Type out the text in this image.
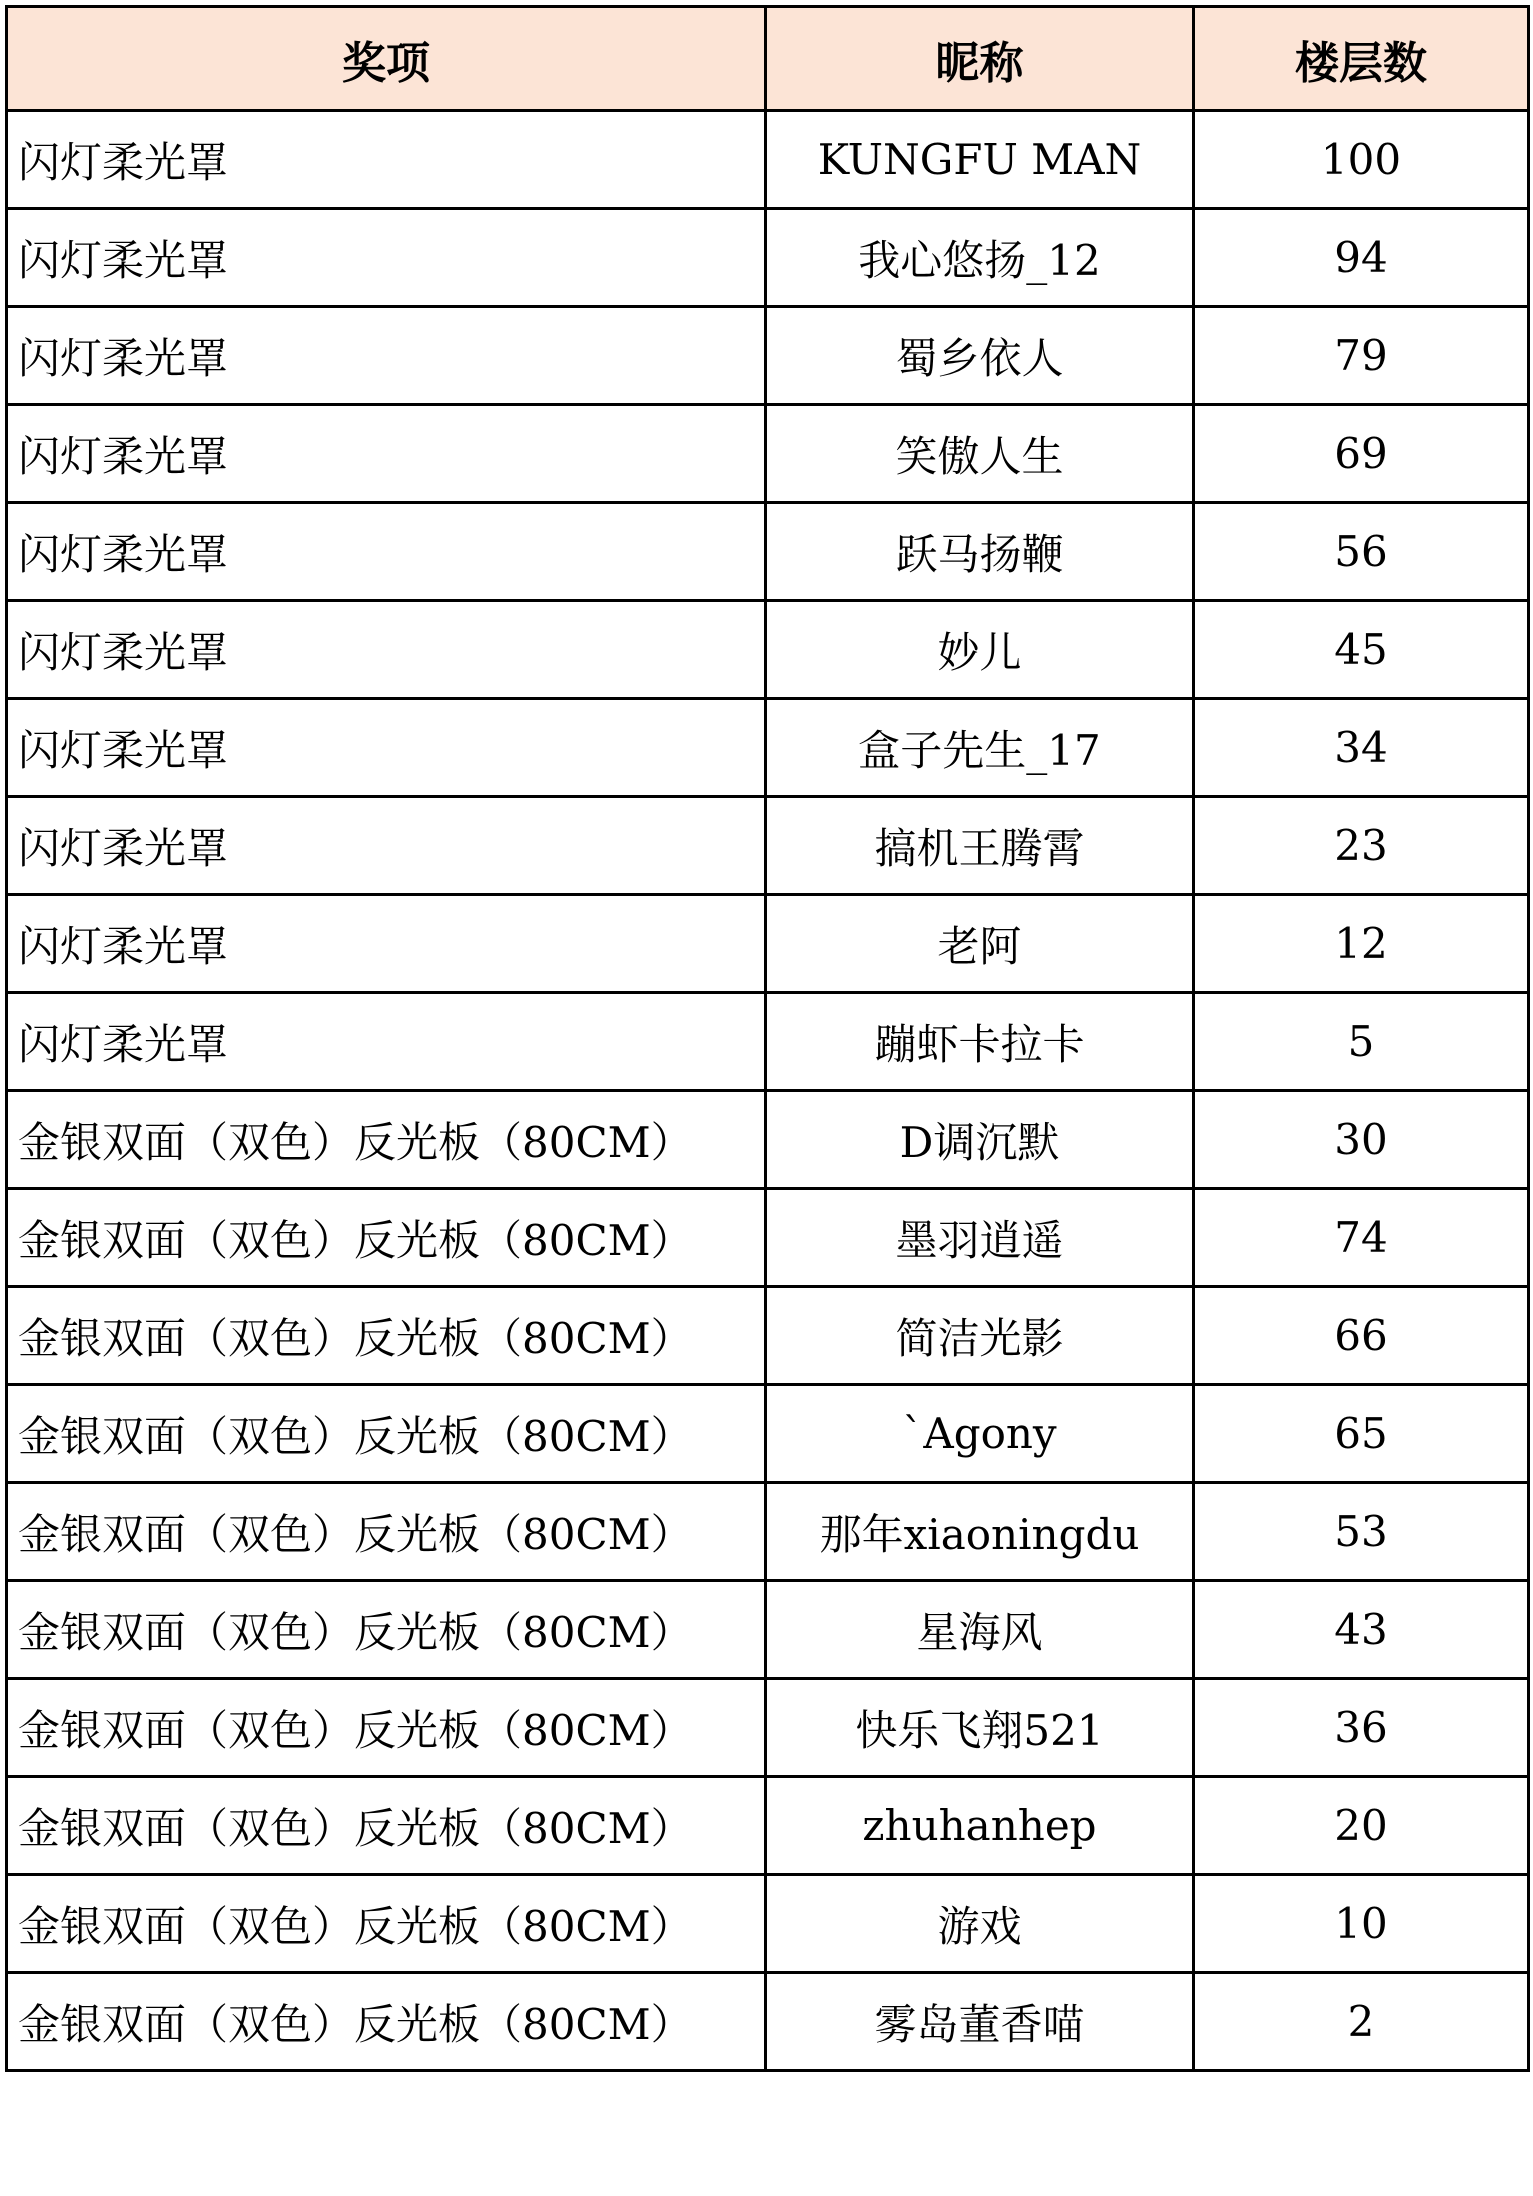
奖项	昵称	楼层数
闪灯柔光罩	KUNGFU MAN	100
闪灯柔光罩	我心悠扬_12	94
闪灯柔光罩	蜀乡依人	79
闪灯柔光罩	笑傲人生	69
闪灯柔光罩	跃马扬鞭	56
闪灯柔光罩	妙儿	45
闪灯柔光罩	盒子先生_17	34
闪灯柔光罩	搞机王腾霄	23
闪灯柔光罩	老阿	12
闪灯柔光罩	蹦虾卡拉卡	5
金银双面（双色）反光板（80CM）	D调沉默	30
金银双面（双色）反光板（80CM）	墨羽逍遥	74
金银双面（双色）反光板（80CM）	简洁光影	66
金银双面（双色）反光板（80CM）	ˋAgony	65
金银双面（双色）反光板（80CM）	那年xiaoningdu	53
金银双面（双色）反光板（80CM）	星海风	43
金银双面（双色）反光板（80CM）	快乐飞翔521	36
金银双面（双色）反光板（80CM）	zhuhanhep	20
金银双面（双色）反光板（80CM）	游戏	10
金银双面（双色）反光板（80CM）	雾岛董香喵	2
